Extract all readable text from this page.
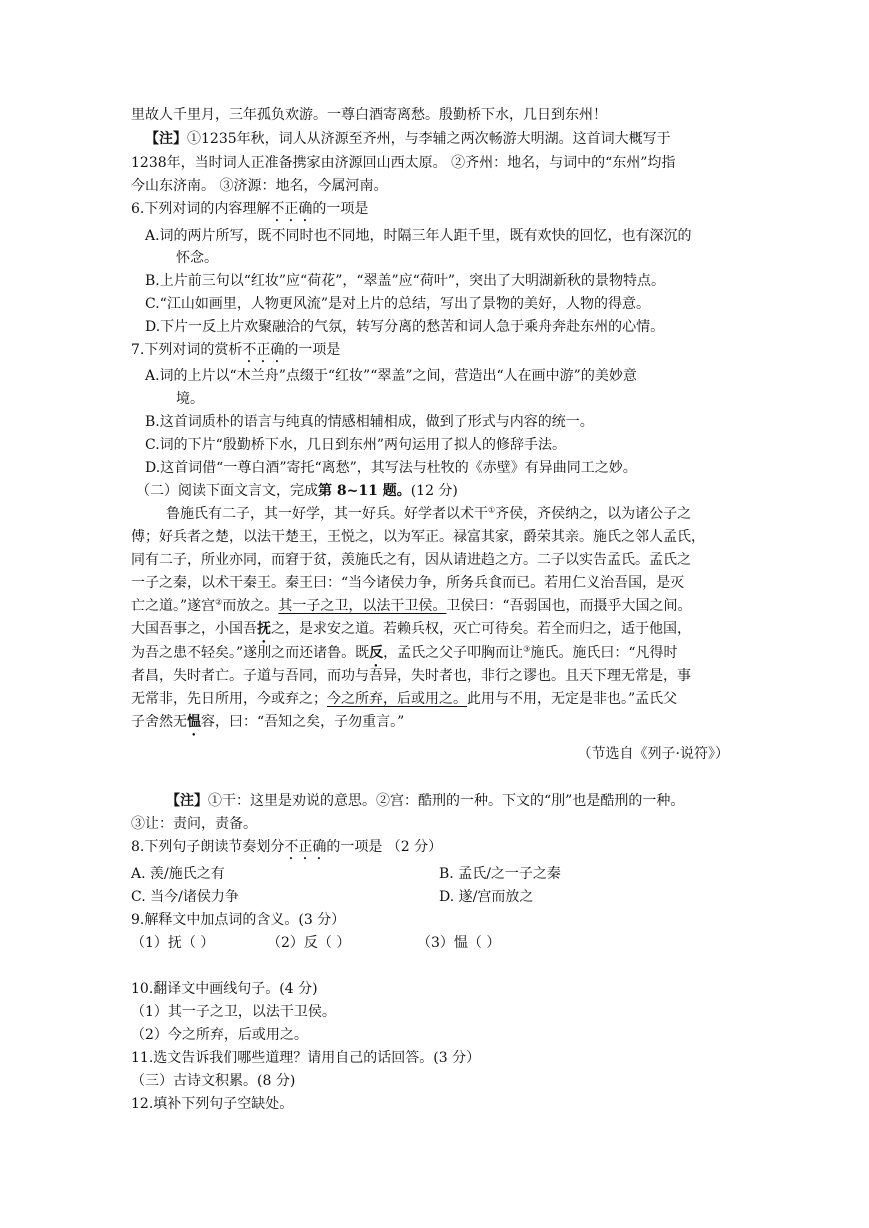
里故人千里月，三年孤负欢游。一尊白酒寄离愁。殷勤桥下水，几日到东州！
【注】①1235年秋，词人从济源至齐州，与李辅之两次畅游大明湖。这首词大概写于
1238年，当时词人正准备携家由济源回山西太原。 ②齐州：地名，与词中的“东州”均指
今山东济南。 ③济源：地名，今属河南。
6.下列对词的内容理解不正确的一项是
A.词的两片所写，既不同时也不同地，时隔三年人距千里，既有欢快的回忆，也有深沉的
怀念。
B.上片前三句以“红妆”应“荷花”，“翠盖”应“荷叶”，突出了大明湖新秋的景物特点。
C.“江山如画里，人物更风流”是对上片的总结，写出了景物的美好，人物的得意。
D.下片一反上片欢聚融洽的气氛，转写分离的愁苦和词人急于乘舟奔赴东州的心情。
7.下列对词的赏析不正确的一项是
A.词的上片以“木兰舟”点缀于“红妆”“翠盖”之间，营造出“人在画中游”的美妙意
境。
B.这首词质朴的语言与纯真的情感相辅相成，做到了形式与内容的统一。
C.词的下片“殷勤桥下水，几日到东州”两句运用了拟人的修辞手法。
D.这首词借“一尊白酒”寄托“离愁”，其写法与杜牧的《赤壁》有异曲同工之妙。
（二）阅读下面文言文，完成第 8~11 题。(12 分)
鲁施氏有二子，其一好学，其一好兵。好学者以术干①齐侯，齐侯纳之，以为诸公子之
傅；好兵者之楚，以法干楚王，王悦之，以为军正。禄富其家，爵荣其亲。施氏之邻人孟氏，
同有二子，所业亦同，而窘于贫，羡施氏之有，因从请进趋之方。二子以实告孟氏。孟氏之
一子之秦，以术干秦王。秦王曰：“当今诸侯力争，所务兵食而已。若用仁义治吾国，是灭
亡之道。”遂宫②而放之。其一子之卫，以法干卫侯。卫侯曰：“吾弱国也，而摄乎大国之间。
大国吾事之，小国吾抚之，是求安之道。若赖兵权，灭亡可待矣。若全而归之，适于他国，
为吾之患不轻矣。”遂刖之而还诸鲁。既反，孟氏之父子叩胸而让③施氏。施氏曰：“凡得时
者昌，失时者亡。子道与吾同，而功与吾异，失时者也，非行之谬也。且天下理无常是，事
无常非，先日所用，今或弃之；今之所弃，后或用之。此用与不用，无定是非也。”孟氏父
子舍然无愠容，曰：“吾知之矣，子勿重言。”
（节选自《列子·说符》）
【注】①干：这里是劝说的意思。②宫：酷刑的一种。下文的“刖”也是酷刑的一种。
③让：责问，责备。
8.下列句子朗读节奏划分不正确的一项是 （2 分）
A. 羡/施氏之有	B. 孟氏/之一子之秦
C. 当今/诸侯力争	D. 遂/宫而放之
9.解释文中加点词的含义。(3 分）
（1）抚（ ）	（2）反（ ）	（3）愠（ ）
10.翻译文中画线句子。(4 分)
（1）其一子之卫，以法干卫侯。
（2）今之所弃，后或用之。
11.选文告诉我们哪些道理？请用自己的话回答。(3 分）
（三）古诗文积累。(8 分)
12.填补下列句子空缺处。
